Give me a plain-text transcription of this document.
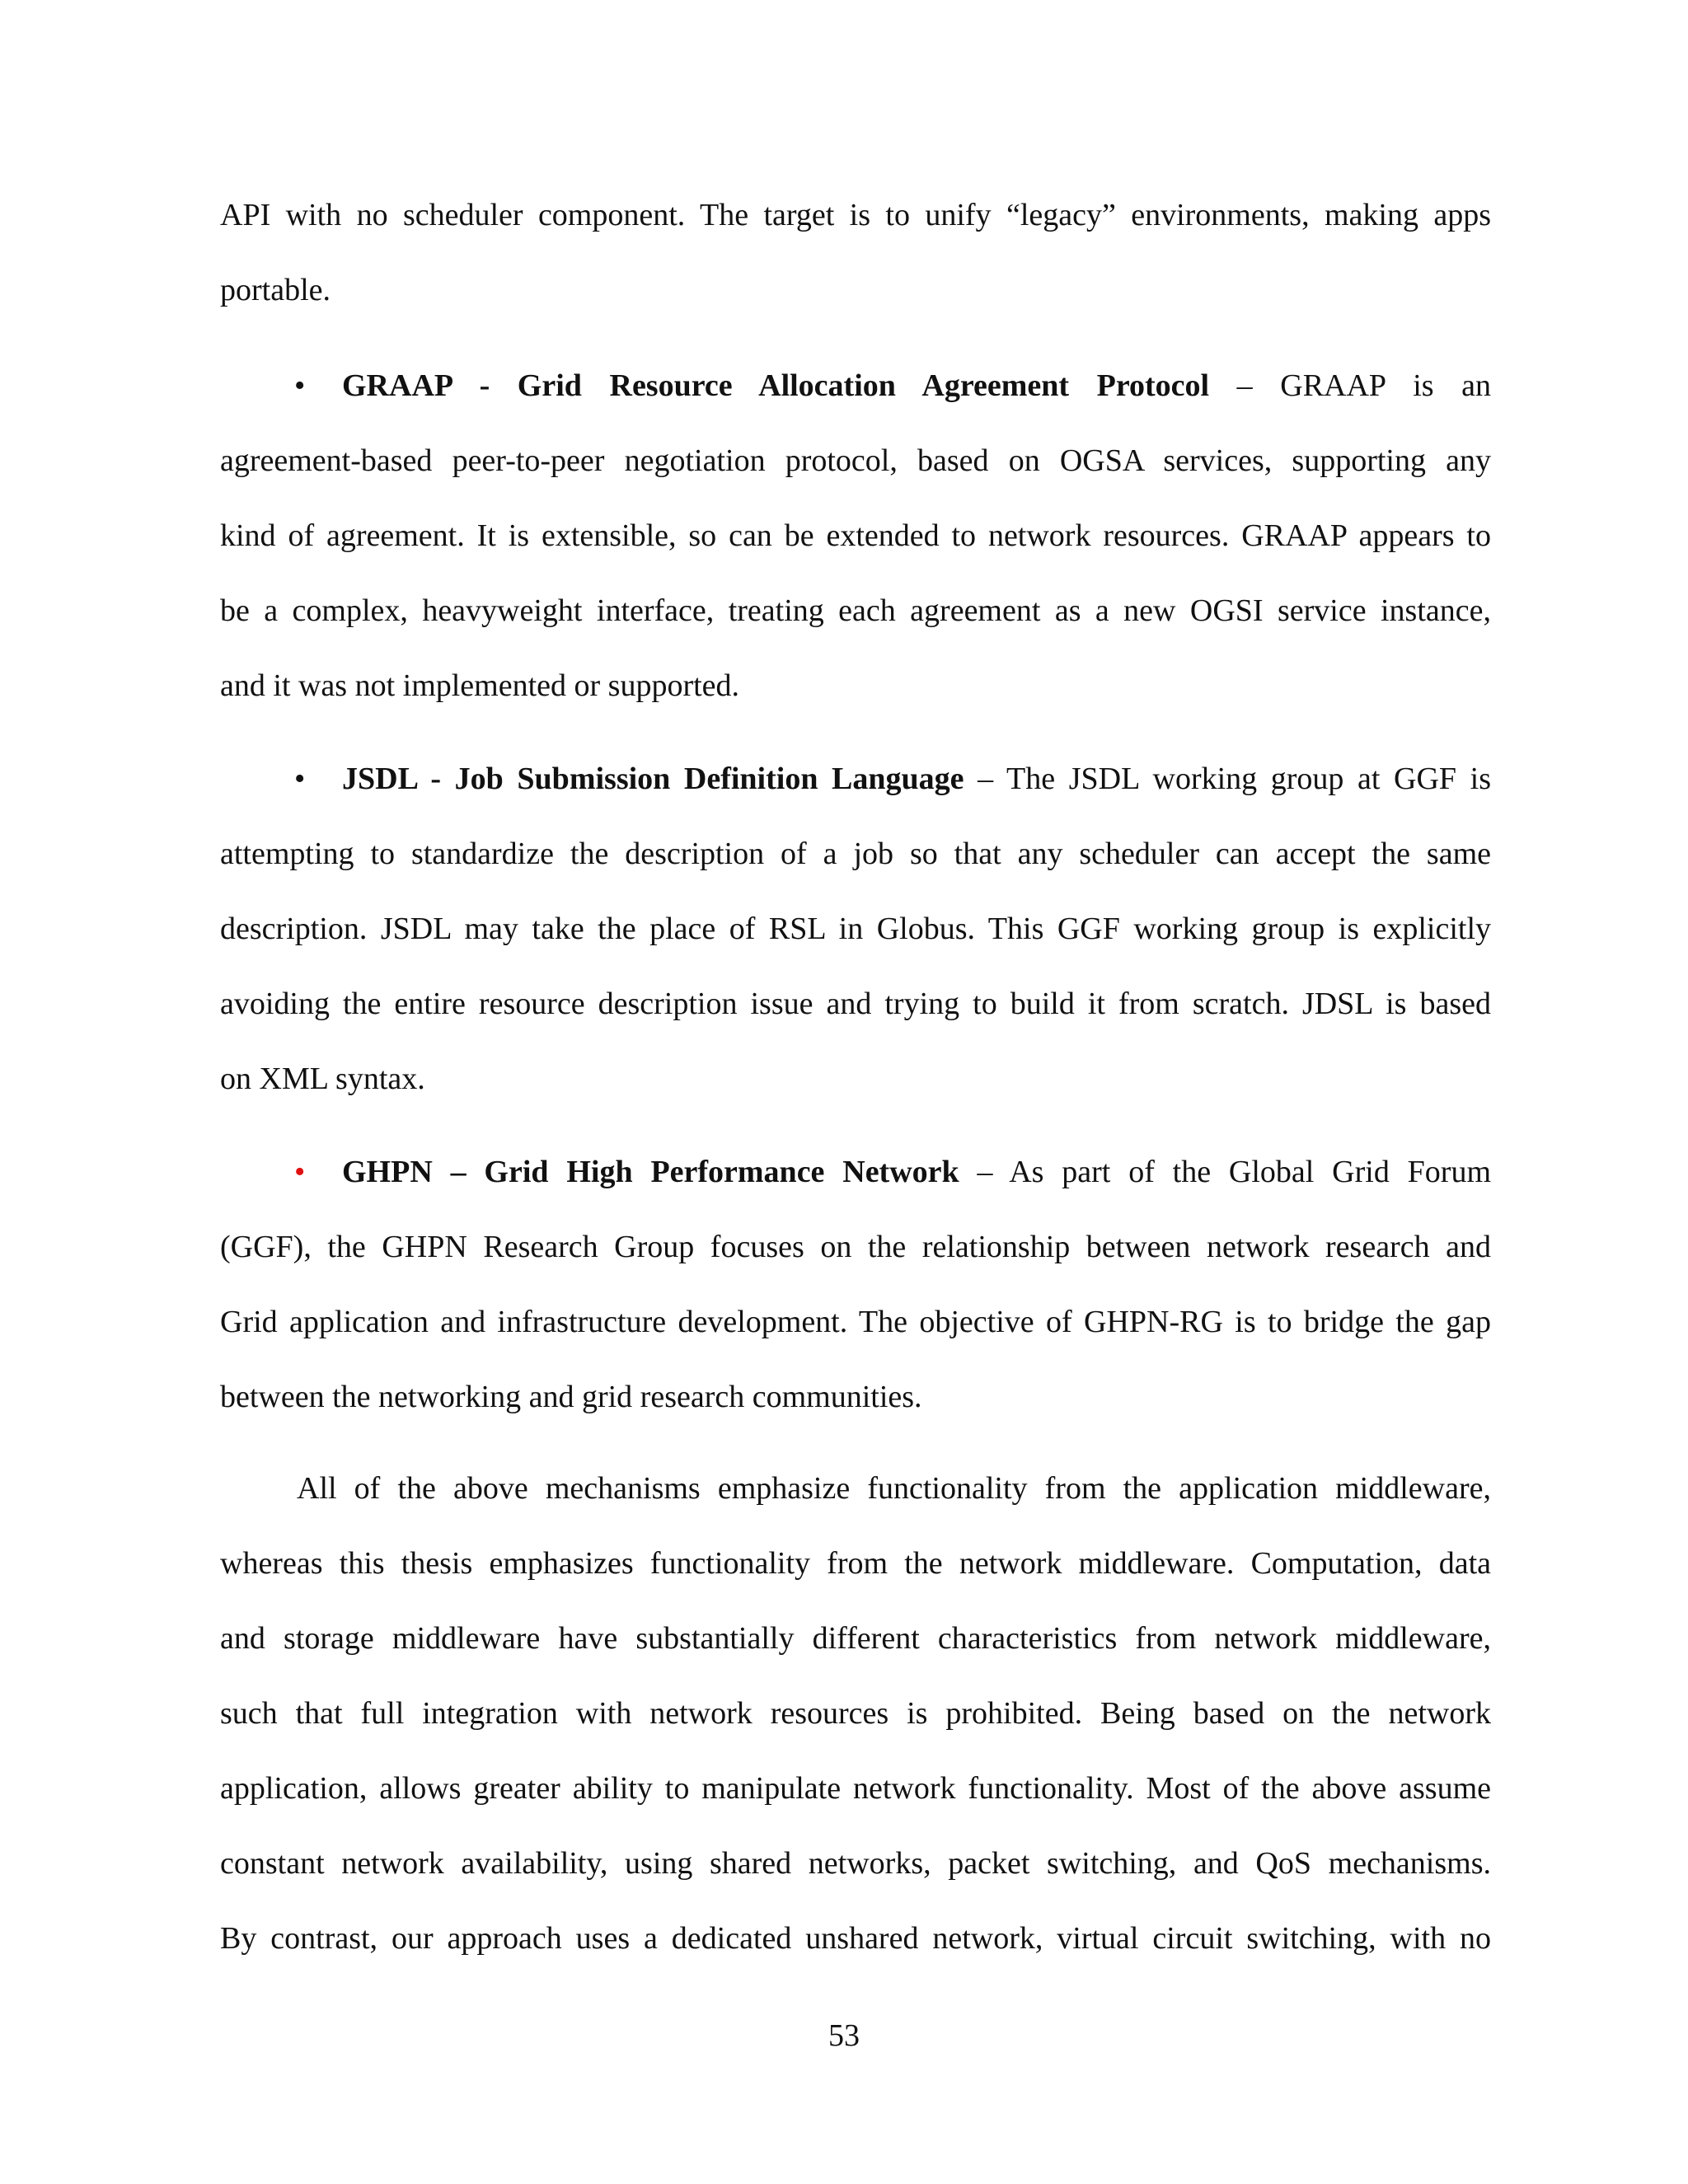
API with no scheduler component. The target is to unify “legacy” environments, making apps
portable.
•	GRAAP - Grid Resource Allocation Agreement Protocol – GRAAP is an
agreement-based peer-to-peer negotiation protocol, based on OGSA services, supporting any
kind of agreement. It is extensible, so can be extended to network resources. GRAAP appears to
be a complex, heavyweight interface, treating each agreement as a new OGSI service instance,
and it was not implemented or supported.
•	JSDL - Job Submission Definition Language – The JSDL working group at GGF is
attempting to standardize the description of a job so that any scheduler can accept the same
description. JSDL may take the place of RSL in Globus. This GGF working group is explicitly
avoiding the entire resource description issue and trying to build it from scratch. JDSL is based
on XML syntax.
•	GHPN – Grid High Performance Network – As part of the Global Grid Forum
(GGF), the GHPN Research Group focuses on the relationship between network research and
Grid application and infrastructure development. The objective of GHPN-RG is to bridge the gap
between the networking and grid research communities.
All of the above mechanisms emphasize functionality from the application middleware,
whereas this thesis emphasizes functionality from the network middleware. Computation, data
and storage middleware have substantially different characteristics from network middleware,
such that full integration with network resources is prohibited. Being based on the network
application, allows greater ability to manipulate network functionality. Most of the above assume
constant network availability, using shared networks, packet switching, and QoS mechanisms.
By contrast, our approach uses a dedicated unshared network, virtual circuit switching, with no
53
